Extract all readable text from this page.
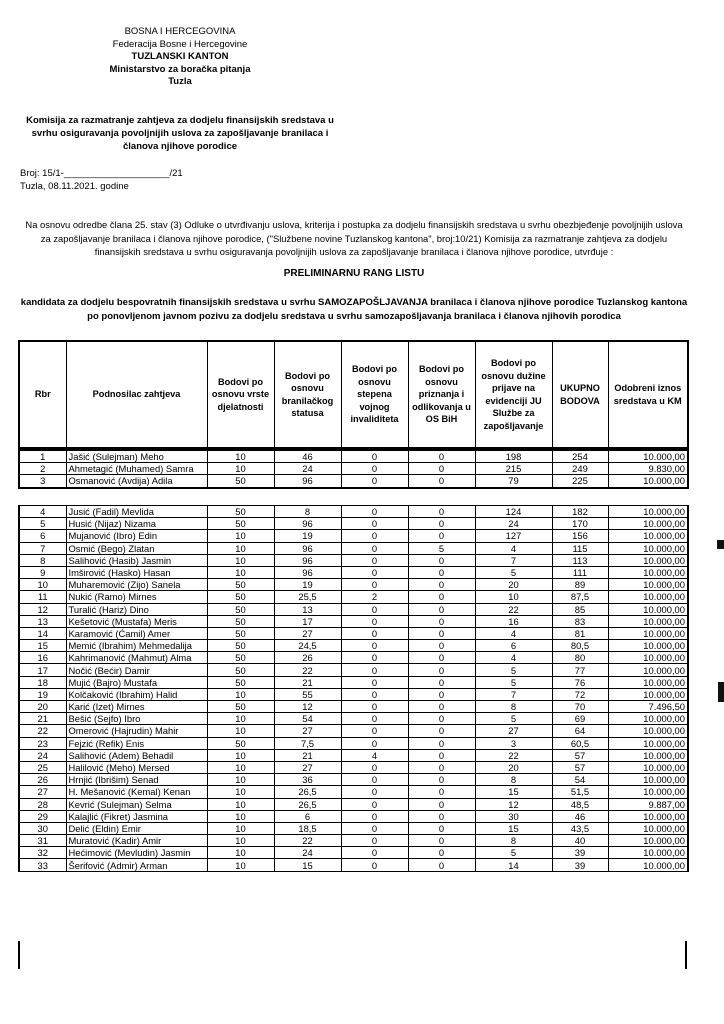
BOSNA I HERCEGOVINA
Federacija Bosne i Hercegovine
TUZLANSKI KANTON
Ministarstvo za boračka pitanja
Tuzla
Komisija za razmatranje zahtjeva za dodjelu finansijskih sredstava u
svrhu osiguravanja povoljnijih uslova za zapošljavanje branilaca i
članova njihove porodice
Broj: 15/1-____________________/21
Tuzla, 08.11.2021. godine
Na osnovu odredbe člana 25. stav (3) Odluke o utvrđivanju uslova, kriterija i postupka za dodjelu finansijskih sredstava u svrhu obezbjeđenje povoljnijih uslova za zapošljavanje branilaca i članova njihove porodice, ("Službene novine Tuzlanskog kantona", broj:10/21) Komisija za razmatranje zahtjeva za dodjelu finansijskih sredstava u svrhu osiguravanja povoljnijih uslova za zapošljavanje branilaca i članova njihove porodice, utvrđuje :
PRELIMINARNU RANG LISTU
kandidata za dodjelu bespovratnih finansijskih sredstava u svrhu SAMOZAPOŠLJAVANJA branilaca i članova njihove porodice Tuzlanskog kantona po ponovljenom javnom pozivu za dodjelu sredstava u svrhu samozapošljavanja branilaca i članova njihovih porodica
Rbr	Podnosilac zahtjeva	Bodovi po osnovu vrste djelatnosti	Bodovi po osnovu branilačkog statusa	Bodovi po osnovu stepena vojnog invaliditeta	Bodovi po osnovu priznanja i odlikovanja u OS BiH	Bodovi po osnovu dužine prijave na evidenciji JU Službe za zapošljavanje	UKUPNO BODOVA	Odobreni iznos sredstava u KM
1	Jašić (Sulejman) Meho	10	46	0	0	198	254	10.000,00
2	Ahmetagić (Muhamed) Samra	10	24	0	0	215	249	9.830,00
3	Osmanović (Avdija) Adila	50	96	0	0	79	225	10.000,00
4	Jusić (Fadil) Mevlida	50	8	0	0	124	182	10.000,00
5	Husić (Nijaz) Nizama	50	96	0	0	24	170	10.000,00
6	Mujanović (Ibro) Edin	10	19	0	0	127	156	10.000,00
7	Osmić (Bego) Zlatan	10	96	0	5	4	115	10.000,00
8	Salihović (Hasib) Jasmin	10	96	0	0	7	113	10.000,00
9	Imširović (Hasko) Hasan	10	96	0	0	5	111	10.000,00
10	Muharemović (Zijo) Sanela	50	19	0	0	20	89	10.000,00
11	Nukić (Ramo) Mirnes	50	25,5	2	0	10	87,5	10.000,00
12	Turalić (Hariz) Dino	50	13	0	0	22	85	10.000,00
13	Kešetović (Mustafa) Meris	50	17	0	0	16	83	10.000,00
14	Karamović (Ćamil) Amer	50	27	0	0	4	81	10.000,00
15	Memić (Ibrahim) Mehmedalija	50	24,5	0	0	6	80,5	10.000,00
16	Kahrimanović (Mahmut) Alma	50	26	0	0	4	80	10.000,00
17	Nočić (Bećir) Damir	50	22	0	0	5	77	10.000,00
18	Mujić (Bajro) Mustafa	50	21	0	0	5	76	10.000,00
19	Kolčaković (Ibrahim) Halid	10	55	0	0	7	72	10.000,00
20	Karić (Izet) Mirnes	50	12	0	0	8	70	7.496,50
21	Bešić (Sejfo) Ibro	10	54	0	0	5	69	10.000,00
22	Omerović (Hajrudin) Mahir	10	27	0	0	27	64	10.000,00
23	Fejzić (Refik) Enis	50	7,5	0	0	3	60,5	10.000,00
24	Salihović (Adem) Behadil	10	21	4	0	22	57	10.000,00
25	Halilović (Meho) Mersed	10	27	0	0	20	57	10.000,00
26	Hrnjić (Ibrišim) Senad	10	36	0	0	8	54	10.000,00
27	H. Mešanović (Kemal) Kenan	10	26,5	0	0	15	51,5	10.000,00
28	Kevrić (Sulejman) Selma	10	26,5	0	0	12	48,5	9.887,00
29	Kalajlić (Fikret) Jasmina	10	6	0	0	30	46	10.000,00
30	Delić (Eldin) Emir	10	18,5	0	0	15	43,5	10.000,00
31	Muratović (Kadir) Amir	10	22	0	0	8	40	10.000,00
32	Hećimović (Mevludin) Jasmin	10	24	0	0	5	39	10.000,00
33	Šerifović (Admir) Arman	10	15	0	0	14	39	10.000,00
